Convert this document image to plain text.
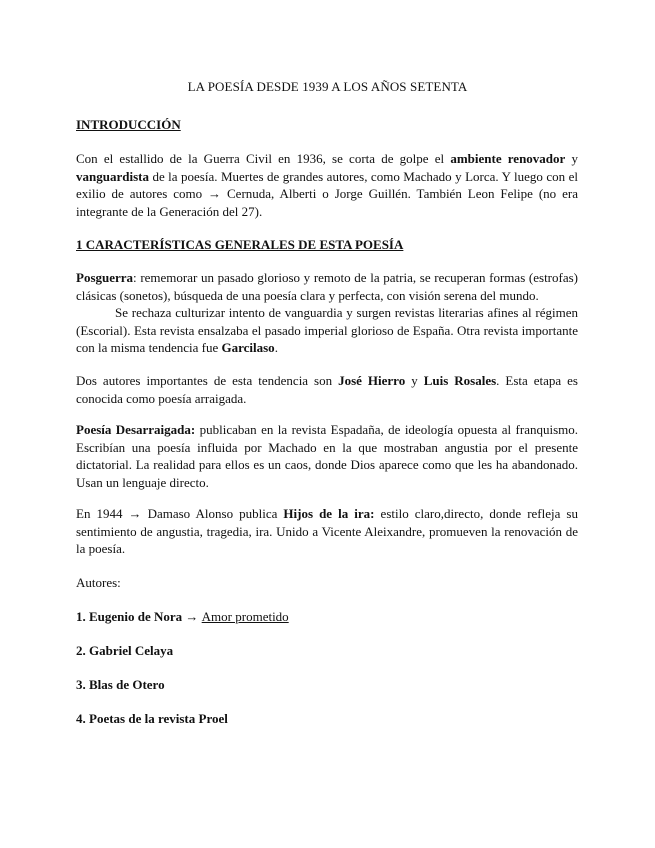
LA POESÍA DESDE 1939 A LOS AÑOS SETENTA
INTRODUCCIÓN

Con el estallido de la Guerra Civil en 1936, se corta de golpe el ambiente renovador y vanguardista de la poesía. Muertes de grandes autores, como Machado y Lorca. Y luego con el exilio de autores como → Cernuda, Alberti o Jorge Guillén. También Leon Felipe (no era integrante de la Generación del 27).

1 CARACTERÍSTICAS GENERALES DE ESTA POESÍA

Posguerra: rememorar un pasado glorioso y remoto de la patria, se recuperan formas (estrofas) clásicas (sonetos), búsqueda de una poesía clara y perfecta, con visión serena del mundo.

Se rechaza culturizar intento de vanguardia y surgen revistas literarias afines al régimen (Escorial). Esta revista ensalzaba el pasado imperial glorioso de España. Otra revista importante con la misma tendencia fue Garcilaso.

Dos autores importantes de esta tendencia son José Hierro y Luis Rosales. Esta etapa es conocida como poesía arraigada.

Poesía Desarraigada: publicaban en la revista Espadaña, de ideología opuesta al franquismo. Escribían una poesía influida por Machado en la que mostraban angustia por el presente dictatorial. La realidad para ellos es un caos, donde Dios aparece como que les ha abandonado. Usan un lenguaje directo.

En 1944 → Damaso Alonso publica Hijos de la ira: estilo claro,directo, donde refleja su sentimiento de angustia, tragedia, ira. Unido a Vicente Aleixandre, promueven la renovación de la poesía.

Autores:
1. Eugenio de Nora → Amor prometido
2. Gabriel Celaya
3. Blas de Otero
4. Poetas de la revista Proel
